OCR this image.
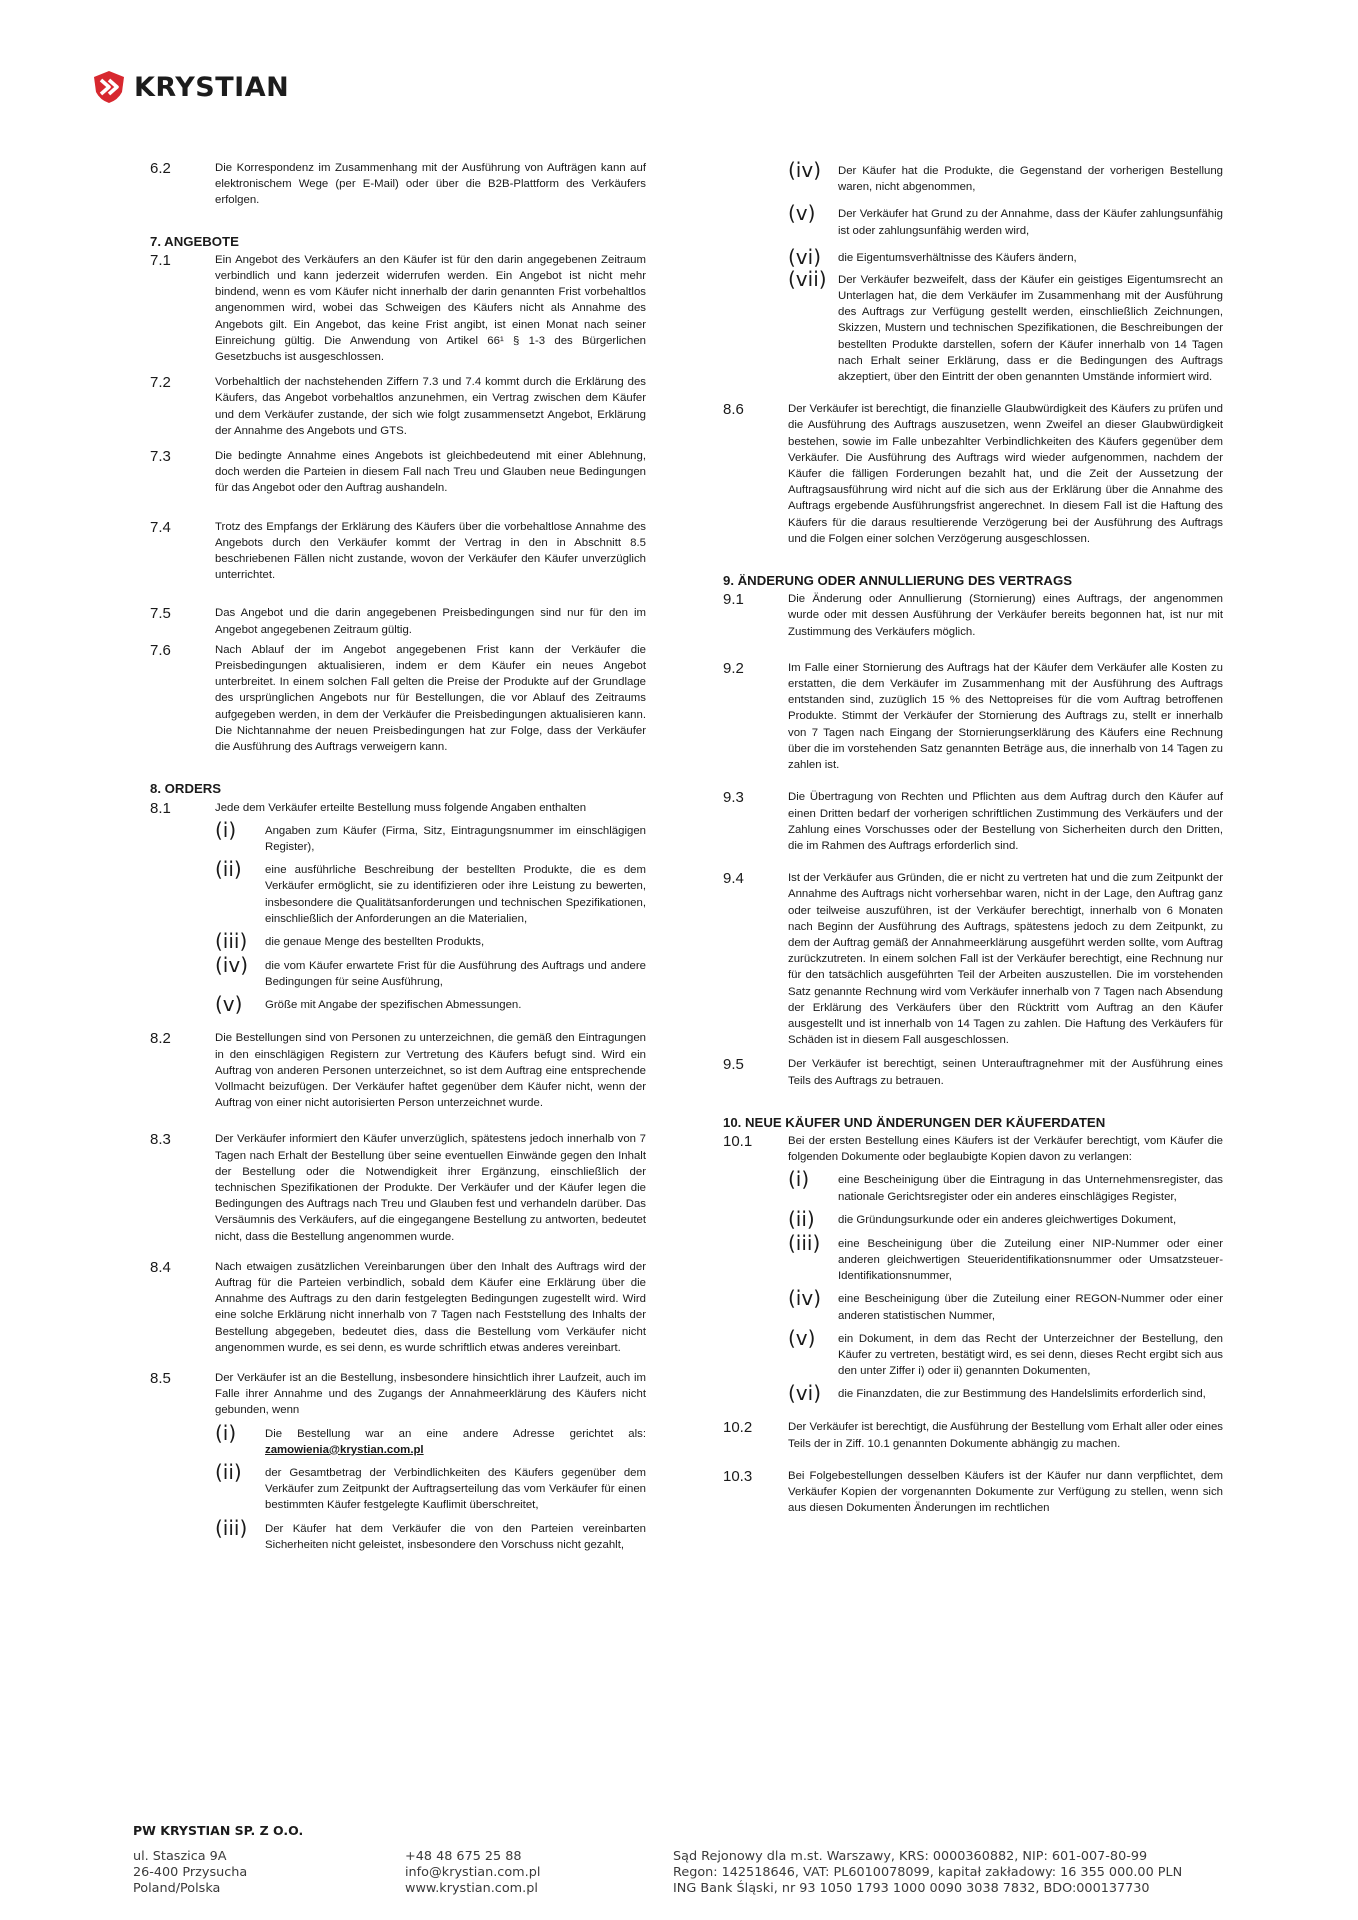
KRYSTIAN
6.2	Die Korrespondenz im Zusammenhang mit der Ausführung von Aufträgen kann auf elektronischem Wege (per E-Mail) oder über die B2B-Plattform des Verkäufers erfolgen.
7. ANGEBOTE
7.1	Ein Angebot des Verkäufers an den Käufer ist für den darin angegebenen Zeitraum verbindlich und kann jederzeit widerrufen werden. Ein Angebot ist nicht mehr bindend, wenn es vom Käufer nicht innerhalb der darin genannten Frist vorbehaltlos angenommen wird, wobei das Schweigen des Käufers nicht als Annahme des Angebots gilt. Ein Angebot, das keine Frist angibt, ist einen Monat nach seiner Einreichung gültig. Die Anwendung von Artikel 66¹ § 1-3 des Bürgerlichen Gesetzbuchs ist ausgeschlossen.
7.2	Vorbehaltlich der nachstehenden Ziffern 7.3 und 7.4 kommt durch die Erklärung des Käufers, das Angebot vorbehaltlos anzunehmen, ein Vertrag zwischen dem Käufer und dem Verkäufer zustande, der sich wie folgt zusammensetzt Angebot, Erklärung der Annahme des Angebots und GTS.
7.3	Die bedingte Annahme eines Angebots ist gleichbedeutend mit einer Ablehnung, doch werden die Parteien in diesem Fall nach Treu und Glauben neue Bedingungen für das Angebot oder den Auftrag aushandeln.
7.4	Trotz des Empfangs der Erklärung des Käufers über die vorbehaltlose Annahme des Angebots durch den Verkäufer kommt der Vertrag in den in Abschnitt 8.5 beschriebenen Fällen nicht zustande, wovon der Verkäufer den Käufer unverzüglich unterrichtet.
7.5	Das Angebot und die darin angegebenen Preisbedingungen sind nur für den im Angebot angegebenen Zeitraum gültig.
7.6	Nach Ablauf der im Angebot angegebenen Frist kann der Verkäufer die Preisbedingungen aktualisieren, indem er dem Käufer ein neues Angebot unterbreitet. In einem solchen Fall gelten die Preise der Produkte auf der Grundlage des ursprünglichen Angebots nur für Bestellungen, die vor Ablauf des Zeitraums aufgegeben werden, in dem der Verkäufer die Preisbedingungen aktualisieren kann. Die Nichtannahme der neuen Preisbedingungen hat zur Folge, dass der Verkäufer die Ausführung des Auftrags verweigern kann.
8. ORDERS
8.1	Jede dem Verkäufer erteilte Bestellung muss folgende Angaben enthalten
(i)	Angaben zum Käufer (Firma, Sitz, Eintragungsnummer im einschlägigen Register),
(ii)	eine ausführliche Beschreibung der bestellten Produkte, die es dem Verkäufer ermöglicht, sie zu identifizieren oder ihre Leistung zu bewerten, insbesondere die Qualitätsanforderungen und technischen Spezifikationen, einschließlich der Anforderungen an die Materialien,
(iii)	die genaue Menge des bestellten Produkts,
(iv)	die vom Käufer erwartete Frist für die Ausführung des Auftrags und andere Bedingungen für seine Ausführung,
(v)	Größe mit Angabe der spezifischen Abmessungen.
8.2	Die Bestellungen sind von Personen zu unterzeichnen, die gemäß den Eintragungen in den einschlägigen Registern zur Vertretung des Käufers befugt sind. Wird ein Auftrag von anderen Personen unterzeichnet, so ist dem Auftrag eine entsprechende Vollmacht beizufügen. Der Verkäufer haftet gegenüber dem Käufer nicht, wenn der Auftrag von einer nicht autorisierten Person unterzeichnet wurde.
8.3	Der Verkäufer informiert den Käufer unverzüglich, spätestens jedoch innerhalb von 7 Tagen nach Erhalt der Bestellung über seine eventuellen Einwände gegen den Inhalt der Bestellung oder die Notwendigkeit ihrer Ergänzung, einschließlich der technischen Spezifikationen der Produkte. Der Verkäufer und der Käufer legen die Bedingungen des Auftrags nach Treu und Glauben fest und verhandeln darüber. Das Versäumnis des Verkäufers, auf die eingegangene Bestellung zu antworten, bedeutet nicht, dass die Bestellung angenommen wurde.
8.4	Nach etwaigen zusätzlichen Vereinbarungen über den Inhalt des Auftrags wird der Auftrag für die Parteien verbindlich, sobald dem Käufer eine Erklärung über die Annahme des Auftrags zu den darin festgelegten Bedingungen zugestellt wird. Wird eine solche Erklärung nicht innerhalb von 7 Tagen nach Feststellung des Inhalts der Bestellung abgegeben, bedeutet dies, dass die Bestellung vom Verkäufer nicht angenommen wurde, es sei denn, es wurde schriftlich etwas anderes vereinbart.
8.5	Der Verkäufer ist an die Bestellung, insbesondere hinsichtlich ihrer Laufzeit, auch im Falle ihrer Annahme und des Zugangs der Annahmeerklärung des Käufers nicht gebunden, wenn
(i)	Die Bestellung war an eine andere Adresse gerichtet als: zamowienia@krystian.com.pl
(ii)	der Gesamtbetrag der Verbindlichkeiten des Käufers gegenüber dem Verkäufer zum Zeitpunkt der Auftragserteilung das vom Verkäufer für einen bestimmten Käufer festgelegte Kauflimit überschreitet,
(iii)	Der Käufer hat dem Verkäufer die von den Parteien vereinbarten Sicherheiten nicht geleistet, insbesondere den Vorschuss nicht gezahlt,
(iv)	Der Käufer hat die Produkte, die Gegenstand der vorherigen Bestellung waren, nicht abgenommen,
(v)	Der Verkäufer hat Grund zu der Annahme, dass der Käufer zahlungsunfähig ist oder zahlungsunfähig werden wird,
(vi)	die Eigentumsverhältnisse des Käufers ändern,
(vii)	Der Verkäufer bezweifelt, dass der Käufer ein geistiges Eigentumsrecht an Unterlagen hat, die dem Verkäufer im Zusammenhang mit der Ausführung des Auftrags zur Verfügung gestellt werden, einschließlich Zeichnungen, Skizzen, Mustern und technischen Spezifikationen, die Beschreibungen der bestellten Produkte darstellen, sofern der Käufer innerhalb von 14 Tagen nach Erhalt seiner Erklärung, dass er die Bedingungen des Auftrags akzeptiert, über den Eintritt der oben genannten Umstände informiert wird.
8.6	Der Verkäufer ist berechtigt, die finanzielle Glaubwürdigkeit des Käufers zu prüfen und die Ausführung des Auftrags auszusetzen, wenn Zweifel an dieser Glaubwürdigkeit bestehen, sowie im Falle unbezahlter Verbindlichkeiten des Käufers gegenüber dem Verkäufer. Die Ausführung des Auftrags wird wieder aufgenommen, nachdem der Käufer die fälligen Forderungen bezahlt hat, und die Zeit der Aussetzung der Auftragsausführung wird nicht auf die sich aus der Erklärung über die Annahme des Auftrags ergebende Ausführungsfrist angerechnet. In diesem Fall ist die Haftung des Käufers für die daraus resultierende Verzögerung bei der Ausführung des Auftrags und die Folgen einer solchen Verzögerung ausgeschlossen.
9. ÄNDERUNG ODER ANNULLIERUNG DES VERTRAGS
9.1	Die Änderung oder Annullierung (Stornierung) eines Auftrags, der angenommen wurde oder mit dessen Ausführung der Verkäufer bereits begonnen hat, ist nur mit Zustimmung des Verkäufers möglich.
9.2	Im Falle einer Stornierung des Auftrags hat der Käufer dem Verkäufer alle Kosten zu erstatten, die dem Verkäufer im Zusammenhang mit der Ausführung des Auftrags entstanden sind, zuzüglich 15 % des Nettopreises für die vom Auftrag betroffenen Produkte. Stimmt der Verkäufer der Stornierung des Auftrags zu, stellt er innerhalb von 7 Tagen nach Eingang der Stornierungserklärung des Käufers eine Rechnung über die im vorstehenden Satz genannten Beträge aus, die innerhalb von 14 Tagen zu zahlen ist.
9.3	Die Übertragung von Rechten und Pflichten aus dem Auftrag durch den Käufer auf einen Dritten bedarf der vorherigen schriftlichen Zustimmung des Verkäufers und der Zahlung eines Vorschusses oder der Bestellung von Sicherheiten durch den Dritten, die im Rahmen des Auftrags erforderlich sind.
9.4	Ist der Verkäufer aus Gründen, die er nicht zu vertreten hat und die zum Zeitpunkt der Annahme des Auftrags nicht vorhersehbar waren, nicht in der Lage, den Auftrag ganz oder teilweise auszuführen, ist der Verkäufer berechtigt, innerhalb von 6 Monaten nach Beginn der Ausführung des Auftrags, spätestens jedoch zu dem Zeitpunkt, zu dem der Auftrag gemäß der Annahmeerklärung ausgeführt werden sollte, vom Auftrag zurückzutreten. In einem solchen Fall ist der Verkäufer berechtigt, eine Rechnung nur für den tatsächlich ausgeführten Teil der Arbeiten auszustellen. Die im vorstehenden Satz genannte Rechnung wird vom Verkäufer innerhalb von 7 Tagen nach Absendung der Erklärung des Verkäufers über den Rücktritt vom Auftrag an den Käufer ausgestellt und ist innerhalb von 14 Tagen zu zahlen. Die Haftung des Verkäufers für Schäden ist in diesem Fall ausgeschlossen.
9.5	Der Verkäufer ist berechtigt, seinen Unterauftragnehmer mit der Ausführung eines Teils des Auftrags zu betrauen.
10. NEUE KÄUFER UND ÄNDERUNGEN DER KÄUFERDATEN
10.1	Bei der ersten Bestellung eines Käufers ist der Verkäufer berechtigt, vom Käufer die folgenden Dokumente oder beglaubigte Kopien davon zu verlangen:
(i)	eine Bescheinigung über die Eintragung in das Unternehmensregister, das nationale Gerichtsregister oder ein anderes einschlägiges Register,
(ii)	die Gründungsurkunde oder ein anderes gleichwertiges Dokument,
(iii)	eine Bescheinigung über die Zuteilung einer NIP-Nummer oder einer anderen gleichwertigen Steueridentifikationsnummer oder Umsatzsteuer-Identifikationsnummer,
(iv)	eine Bescheinigung über die Zuteilung einer REGON-Nummer oder einer anderen statistischen Nummer,
(v)	ein Dokument, in dem das Recht der Unterzeichner der Bestellung, den Käufer zu vertreten, bestätigt wird, es sei denn, dieses Recht ergibt sich aus den unter Ziffer i) oder ii) genannten Dokumenten,
(vi)	die Finanzdaten, die zur Bestimmung des Handelslimits erforderlich sind,
10.2	Der Verkäufer ist berechtigt, die Ausführung der Bestellung vom Erhalt aller oder eines Teils der in Ziff. 10.1 genannten Dokumente abhängig zu machen.
10.3	Bei Folgebestellungen desselben Käufers ist der Käufer nur dann verpflichtet, dem Verkäufer Kopien der vorgenannten Dokumente zur Verfügung zu stellen, wenn sich aus diesen Dokumenten Änderungen im rechtlichen
PW KRYSTIAN SP. Z O.O.
ul. Staszica 9A
26-400 Przysucha
Poland/Polska
+48 48 675 25 88
info@krystian.com.pl
www.krystian.com.pl
Sąd Rejonowy dla m.st. Warszawy, KRS: 0000360882, NIP: 601-007-80-99
Regon: 142518646, VAT: PL6010078099, kapitał zakładowy: 16 355 000.00 PLN
ING Bank Śląski, nr 93 1050 1793 1000 0090 3038 7832, BDO:000137730
